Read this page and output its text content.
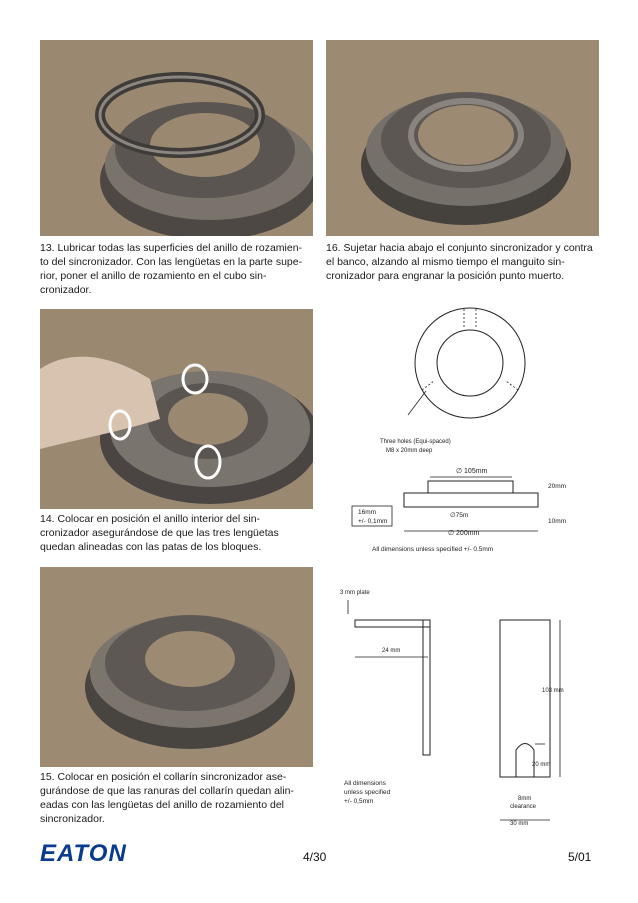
13. Lubricar todas las superficies del anillo de rozamien-
to del sincronizador. Con las lengüetas en la parte supe-
rior, poner el anillo de rozamiento en el cubo sin-
cronizador.
16. Sujetar hacia abajo el conjunto sincronizador y contra
el banco, alzando al mismo tiempo el manguito sin-
cronizador para engranar la posición punto muerto.
14. Colocar en posición el anillo interior del sin-
cronizador asegurándose de que las tres lengüetas
quedan alineadas con las patas de los bloques.
Three holes (Equi-spaced)
M8 x 20mm deep
∅ 105mm
20mm
16mm
+/- 0,1mm
∅75m
10mm
∅ 200mm
All dimensions unless specified +/- 0.5mm
15. Colocar en posición el collarín sincronizador ase-
gurándose de que las ranuras del collarín quedan alin-
eadas con las lengüetas del anillo de rozamiento del
sincronizador.
3 mm plate
24 mm
103 mm
20 mm
All dimensions
unless specified
+/- 0,5mm	8mm
clearance
30 mm
EATON	4/30	5/01
